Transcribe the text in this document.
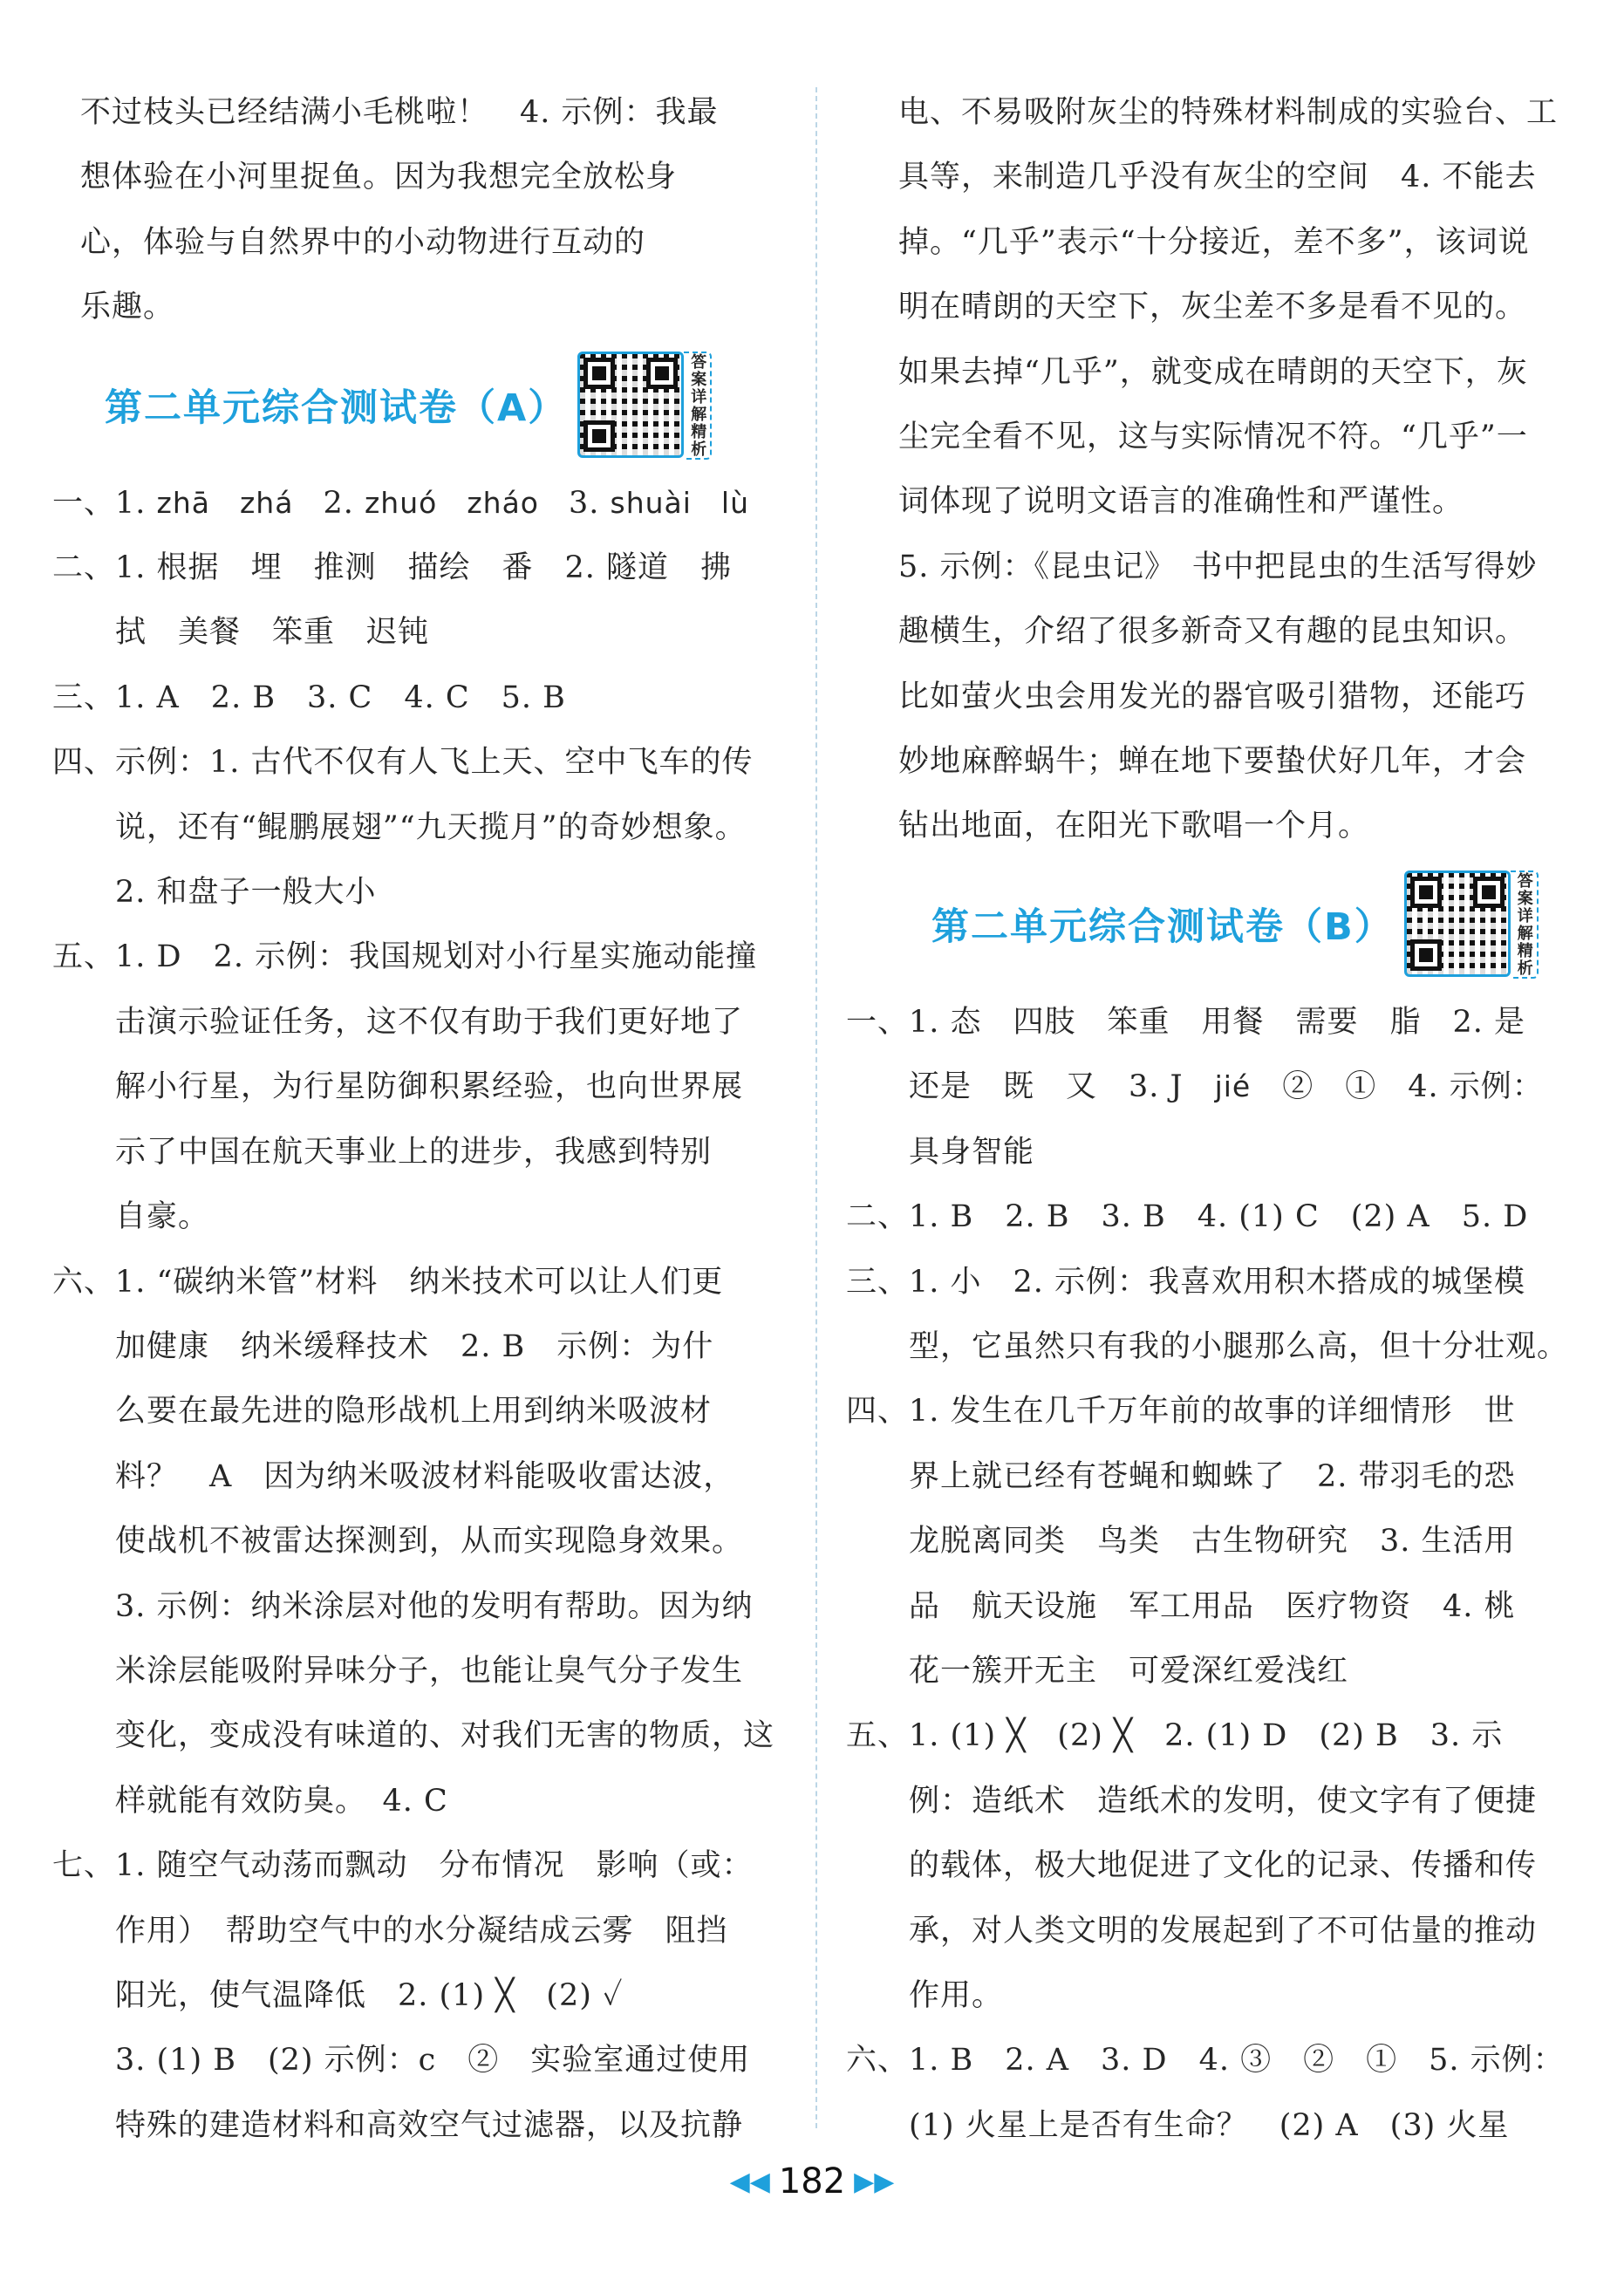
不过枝头已经结满小毛桃啦！　4. 示例：我最
想体验在小河里捉鱼。因为我想完全放松身
心，体验与自然界中的小动物进行互动的
乐趣。
第二单元综合测试卷（A）	答案详解精析
一、1. zhā　zhá　2. zhuó　zháo　3. shuài　lù
二、1. 根据　埋　推测　描绘　番　2. 隧道　拂
　　拭　美餐　笨重　迟钝
三、1. A　2. B　3. C　4. C　5. B
四、示例：1. 古代不仅有人飞上天、空中飞车的传
　　说，还有“鲲鹏展翅”“九天揽月”的奇妙想象。
　　2. 和盘子一般大小
五、1. D　2. 示例：我国规划对小行星实施动能撞
　　击演示验证任务，这不仅有助于我们更好地了
　　解小行星，为行星防御积累经验，也向世界展
　　示了中国在航天事业上的进步，我感到特别
　　自豪。
六、1. “碳纳米管”材料　纳米技术可以让人们更
　　加健康　纳米缓释技术　2. B　示例：为什
　　么要在最先进的隐形战机上用到纳米吸波材
　　料？　A　因为纳米吸波材料能吸收雷达波，
　　使战机不被雷达探测到，从而实现隐身效果。
　　3. 示例：纳米涂层对他的发明有帮助。因为纳
　　米涂层能吸附异味分子，也能让臭气分子发生
　　变化，变成没有味道的、对我们无害的物质，这
　　样就能有效防臭。　4. C
七、1. 随空气动荡而飘动　分布情况　影响（或：
　　作用）　帮助空气中的水分凝结成云雾　阻挡
　　阳光，使气温降低　2. (1) ╳　(2) ✓
　　3. (1) B　(2) 示例：c　②　实验室通过使用
　　特殊的建造材料和高效空气过滤器，以及抗静
电、不易吸附灰尘的特殊材料制成的实验台、工
具等，来制造几乎没有灰尘的空间　4. 不能去
掉。“几乎”表示“十分接近，差不多”，该词说
明在晴朗的天空下，灰尘差不多是看不见的。
如果去掉“几乎”，就变成在晴朗的天空下，灰
尘完全看不见，这与实际情况不符。“几乎”一
词体现了说明文语言的准确性和严谨性。
5. 示例：《昆虫记》　书中把昆虫的生活写得妙
趣横生，介绍了很多新奇又有趣的昆虫知识。
比如萤火虫会用发光的器官吸引猎物，还能巧
妙地麻醉蜗牛；蝉在地下要蛰伏好几年，才会
钻出地面，在阳光下歌唱一个月。
第二单元综合测试卷（B）	答案详解精析
一、1. 态　四肢　笨重　用餐　需要　脂　2. 是
　　还是　既　又　3. J　jié　②　①　4. 示例：
　　具身智能
二、1. B　2. B　3. B　4. (1) C　(2) A　5. D
三、1. 小　2. 示例：我喜欢用积木搭成的城堡模
　　型，它虽然只有我的小腿那么高，但十分壮观。
四、1. 发生在几千万年前的故事的详细情形　世
　　界上就已经有苍蝇和蜘蛛了　2. 带羽毛的恐
　　龙脱离同类　鸟类　古生物研究　3. 生活用
　　品　航天设施　军工用品　医疗物资　4. 桃
　　花一簇开无主　可爱深红爱浅红
五、1. (1) ╳　(2) ╳　2. (1) D　(2) B　3. 示
　　例：造纸术　造纸术的发明，使文字有了便捷
　　的载体，极大地促进了文化的记录、传播和传
　　承，对人类文明的发展起到了不可估量的推动
　　作用。
六、1. B　2. A　3. D　4. ③　②　①　5. 示例：
　　(1) 火星上是否有生命？　(2) A　(3) 火星
◀◀ 182 ▶▶
